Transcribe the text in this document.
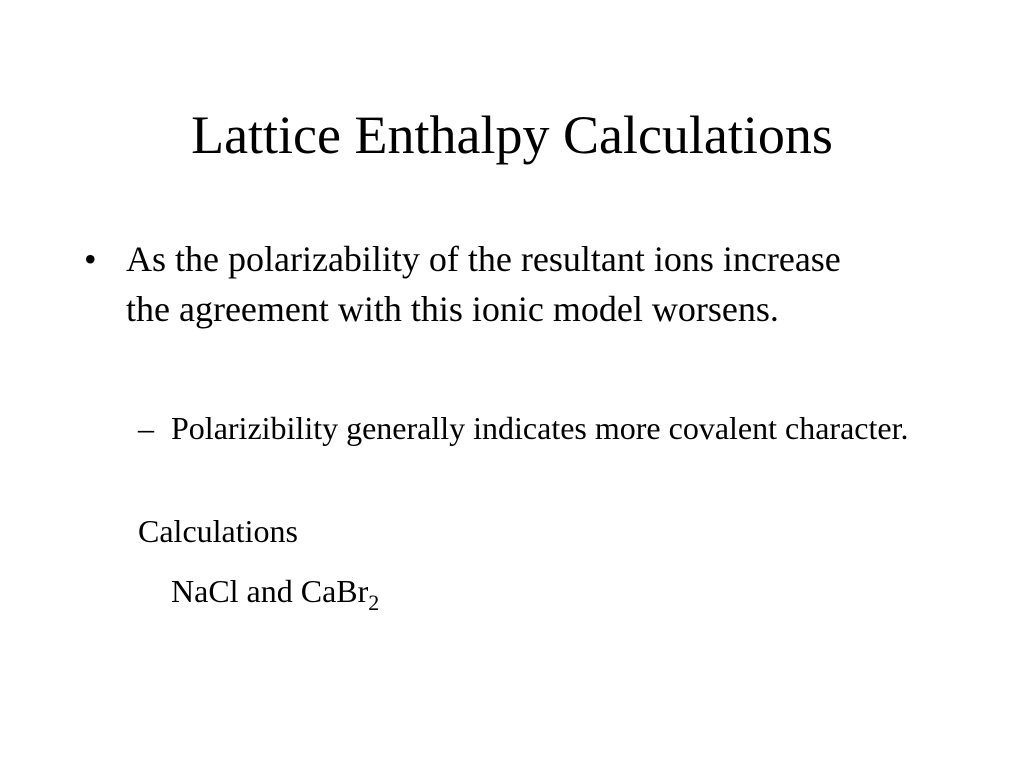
Lattice Enthalpy Calculations
• As the polarizability of the resultant ions increase the agreement with this ionic model worsens.
– Polarizibility generally indicates more covalent character.
Calculations
NaCl and CaBr$_2$
